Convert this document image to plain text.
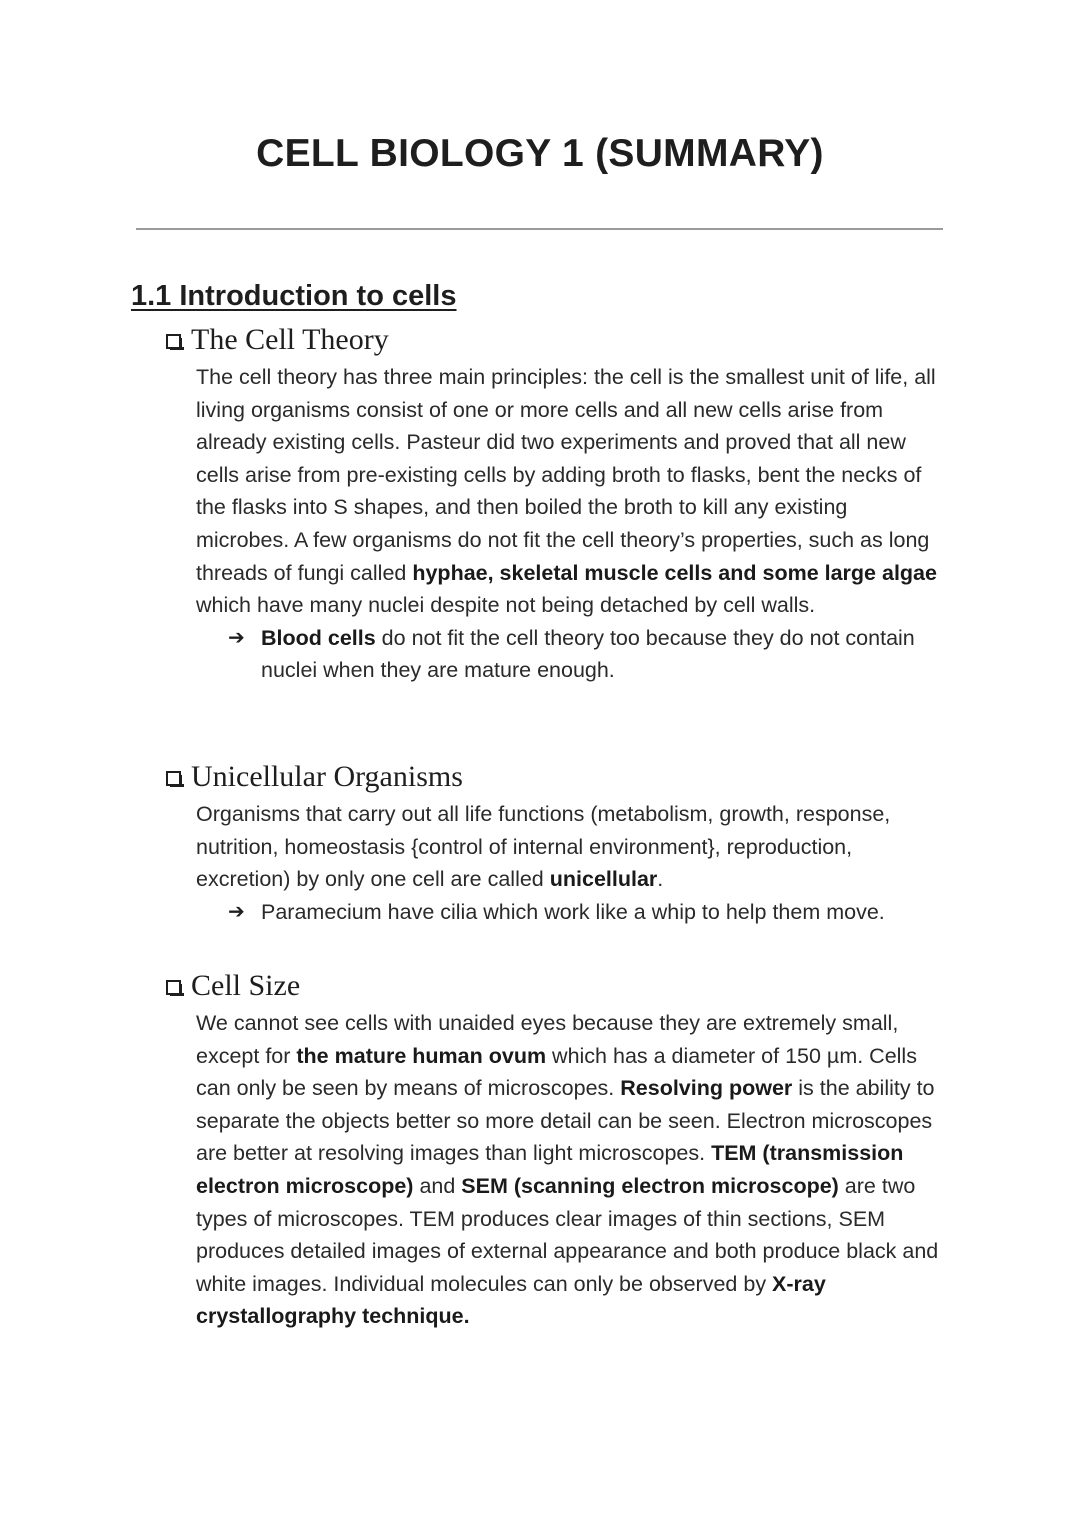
CELL BIOLOGY 1 (SUMMARY)
1.1 Introduction to cells
The Cell Theory

The cell theory has three main principles: the cell is the smallest unit of life, all living organisms consist of one or more cells and all new cells arise from already existing cells. Pasteur did two experiments and proved that all new cells arise from pre-existing cells by adding broth to flasks, bent the necks of the flasks into S shapes, and then boiled the broth to kill any existing microbes. A few organisms do not fit the cell theory’s properties, such as long threads of fungi called hyphae, skeletal muscle cells and some large algae which have many nuclei despite not being detached by cell walls.

➔ Blood cells do not fit the cell theory too because they do not contain nuclei when they are mature enough.
Unicellular Organisms

Organisms that carry out all life functions (metabolism, growth, response, nutrition, homeostasis {control of internal environment}, reproduction, excretion) by only one cell are called unicellular.

➔ Paramecium have cilia which work like a whip to help them move.
Cell Size

We cannot see cells with unaided eyes because they are extremely small, except for the mature human ovum which has a diameter of 150 µm. Cells can only be seen by means of microscopes. Resolving power is the ability to separate the objects better so more detail can be seen. Electron microscopes are better at resolving images than light microscopes. TEM (transmission electron microscope) and SEM (scanning electron microscope) are two types of microscopes. TEM produces clear images of thin sections, SEM produces detailed images of external appearance and both produce black and white images. Individual molecules can only be observed by X-ray crystallography technique.
